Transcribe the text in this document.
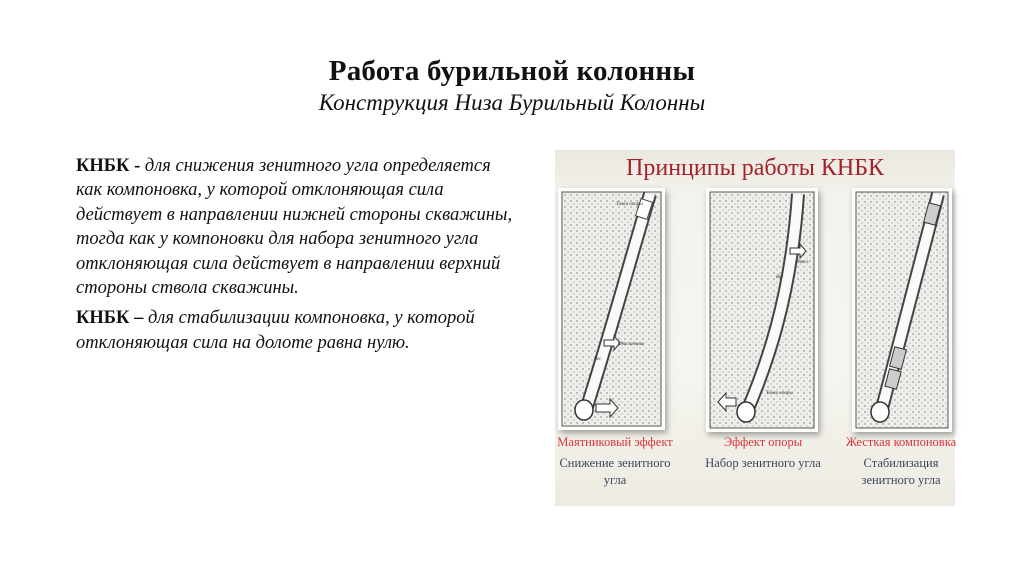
Работа бурильной колонны
Конструкция Низа Бурильный Колонны

КНБК - для снижения зенитного угла определяется как компоновка, у которой отклоняющая сила действует в направлении нижней стороны скважины, тогда как у компоновки для набора зенитного угла отклоняющая сила действует в направлении верхний стороны ствола скважины.

КНБК – для стабилизации компоновка, у которой отклоняющая сила на долоте равна нулю.

Принципы работы КНБК
Точка опоры
Отклонение
Вес
Откл.
Вес
Точка опоры
Маятниковый эффект
Снижение зенитного угла
Эффект опоры
Набор зенитного угла
Жесткая компоновка
Стабилизация зенитного угла
